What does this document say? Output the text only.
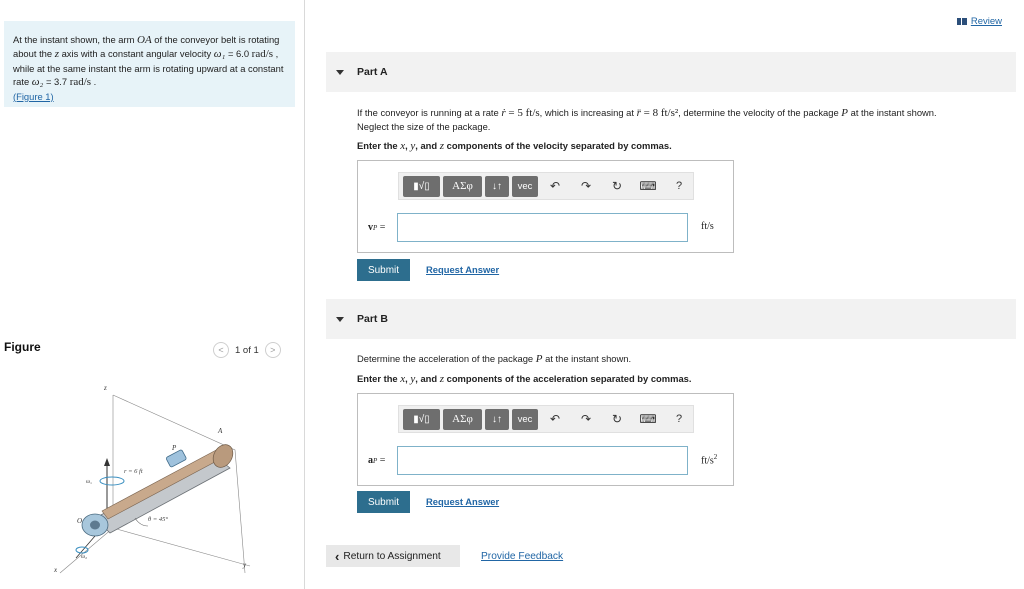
At the instant shown, the arm OA of the conveyor belt is rotating about the z axis with a constant angular velocity ω₁ = 6.0 rad/s , while at the same instant the arm is rotating upward at a constant rate ω₂ = 3.7 rad/s .
(Figure 1)
Figure	<	1 of 1	>
z
A
P
r = 6 ft
ω₁
O	θ = 45°
ω₂
x
y
Review
Part A
If the conveyor is running at a rate ṙ = 5 ft/s, which is increasing at r̈ = 8 ft/s², determine the velocity of the package P at the instant shown.
Neglect the size of the package.
Enter the x, y, and z components of the velocity separated by commas.
▮√▯	ΑΣφ	↓↑	vec	↶	↷	↻	⌨	?
vP =	ft/s
Submit	Request Answer
Part B
Determine the acceleration of the package P at the instant shown.
Enter the x, y, and z components of the acceleration separated by commas.
▮√▯	ΑΣφ	↓↑	vec	↶	↷	↻	⌨	?
aP =	$ft/s^2$
Submit	Request Answer
‹ Return to Assignment	Provide Feedback
